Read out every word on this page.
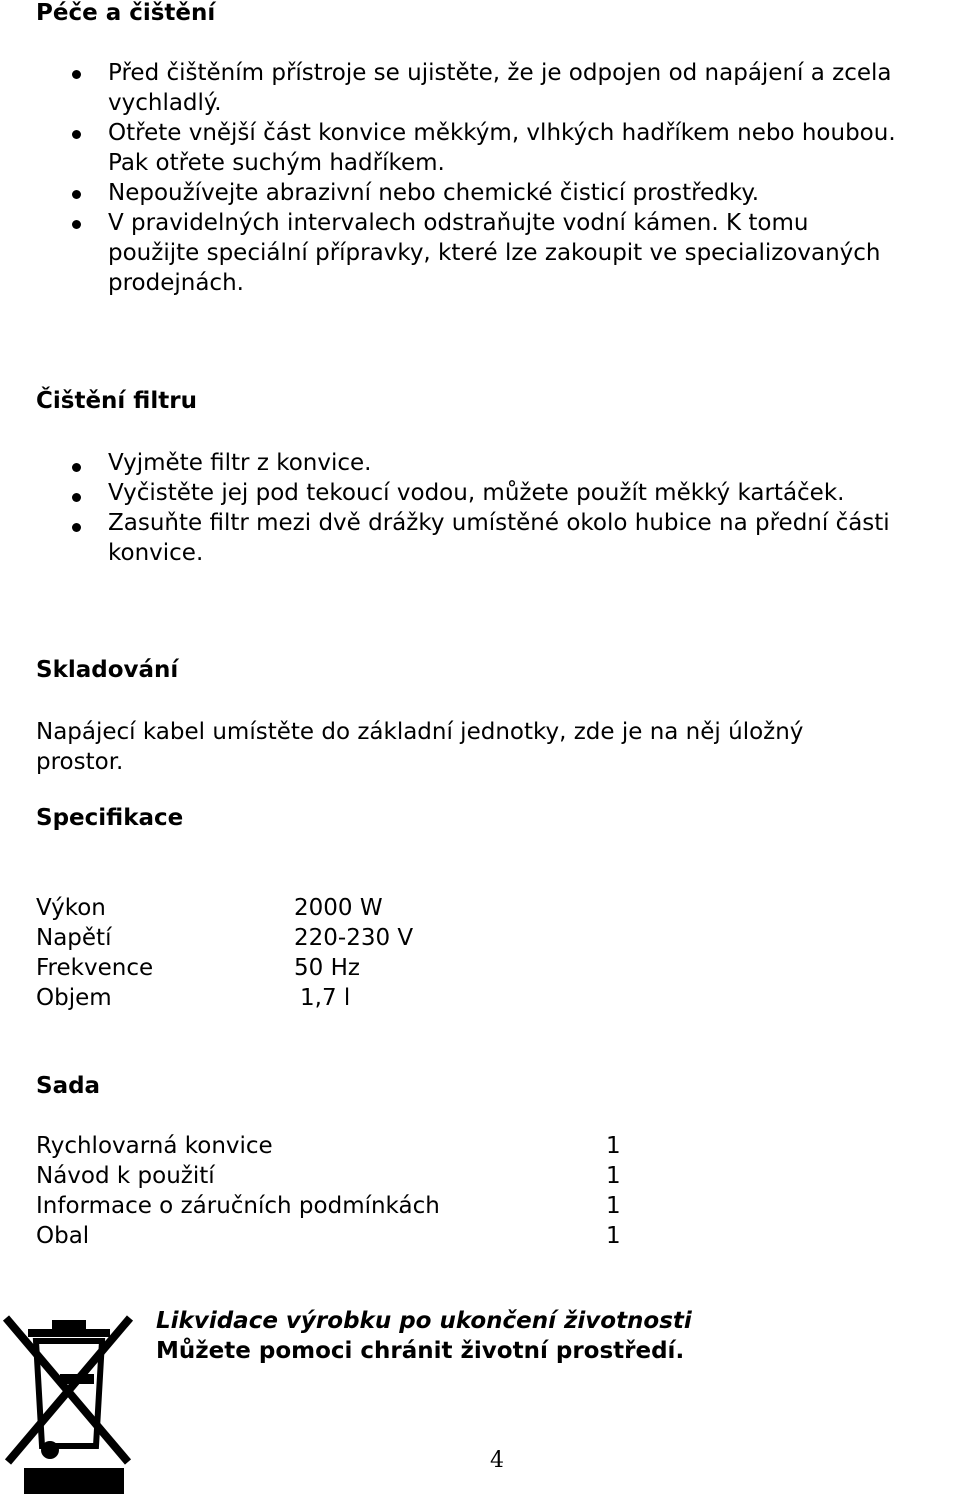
Péče a čištění
Před čištěním přístroje se ujistěte, že je odpojen od napájení a zcela
vychladlý.
Otřete vnější část konvice měkkým, vlhkých hadříkem nebo houbou.
Pak otřete suchým hadříkem.
Nepoužívejte abrazivní nebo chemické čisticí prostředky.
V pravidelných intervalech odstraňujte vodní kámen. K tomu
použijte speciální přípravky, které lze zakoupit ve specializovaných
prodejnách.
Čištění filtru
Vyjměte filtr z konvice.
Vyčistěte jej pod tekoucí vodou, můžete použít měkký kartáček.
Zasuňte filtr mezi dvě drážky umístěné okolo hubice na přední části
konvice.
Skladování
Napájecí kabel umístěte do základní jednotky, zde je na něj úložný
prostor.
Specifikace
Výkon	2000 W
Napětí	220-230 V
Frekvence	50 Hz
Objem	1,7 l
Sada
Rychlovarná konvice	1
Návod k použití	1
Informace o záručních podmínkách	1
Obal	1
Likvidace výrobku po ukončení životnosti
Můžete pomoci chránit životní prostředí.
4
